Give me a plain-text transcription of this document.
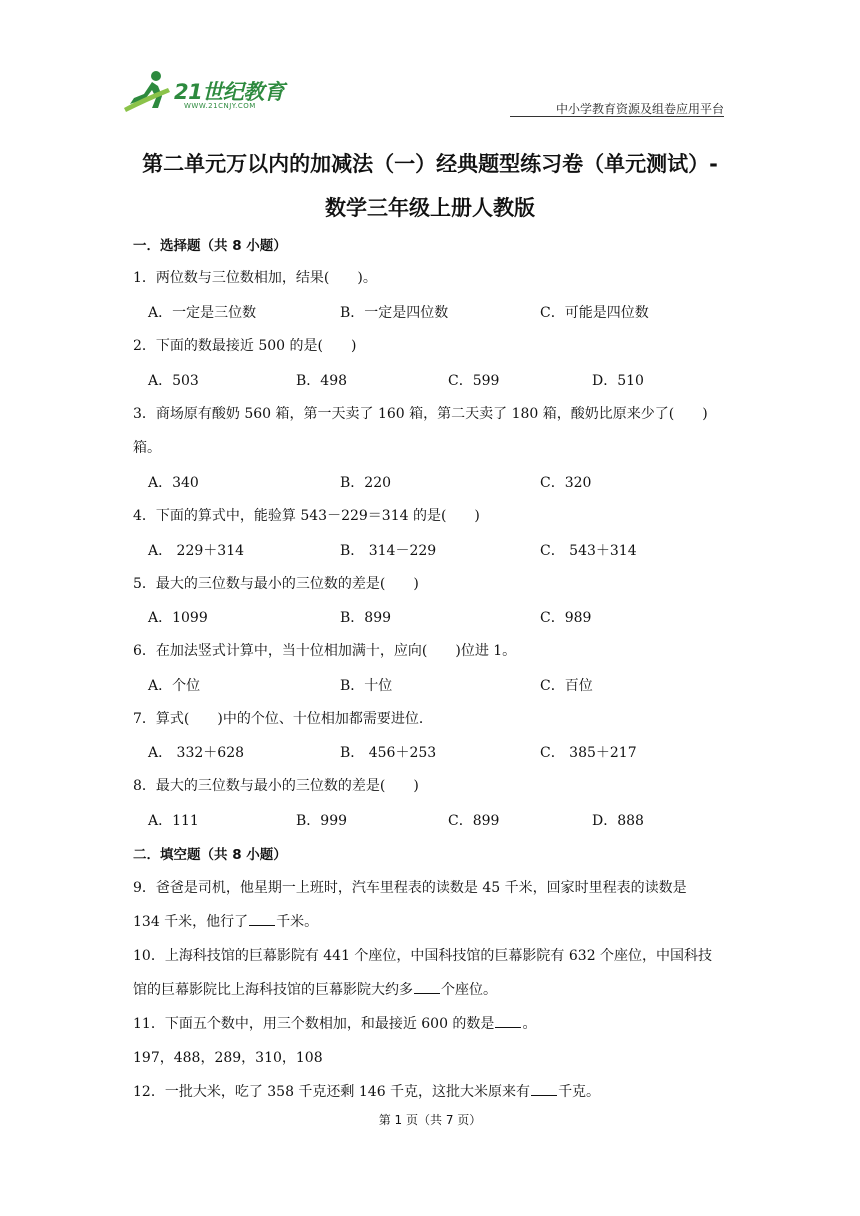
21世纪教育
WWW.21CNJY.COM	中小学教育资源及组卷应用平台
第二单元万以内的加减法（一）经典题型练习卷（单元测试）-
数学三年级上册人教版
一．选择题（共 8 小题）
1．两位数与三位数相加，结果(　　)。
A．一定是三位数	B．一定是四位数	C．可能是四位数
2．下面的数最接近 500 的是(　　)
A．503	B．498	C．599	D．510
3．商场原有酸奶 560 箱，第一天卖了 160 箱，第二天卖了 180 箱，酸奶比原来少了(　　)
箱。
A．340	B．220	C．320
4．下面的算式中，能验算 543－229＝314 的是(　　)
A． 229＋314	B． 314－229	C． 543＋314
5．最大的三位数与最小的三位数的差是(　　)
A．1099	B．899	C．989
6．在加法竖式计算中，当十位相加满十，应向(　　)位进 1。
A．个位	B．十位	C．百位
7．算式(　　)中的个位、十位相加都需要进位．
A． 332＋628	B． 456＋253	C． 385＋217
8．最大的三位数与最小的三位数的差是(　　)
A．111	B．999	C．899	D．888
二．填空题（共 8 小题）
9．爸爸是司机，他星期一上班时，汽车里程表的读数是 45 千米，回家时里程表的读数是
134 千米，他行了 千米。
10．上海科技馆的巨幕影院有 441 个座位，中国科技馆的巨幕影院有 632 个座位，中国科技
馆的巨幕影院比上海科技馆的巨幕影院大约多 个座位。
11．下面五个数中，用三个数相加，和最接近 600 的数是 。
197，488，289，310，108
12．一批大米，吃了 358 千克还剩 146 千克，这批大米原来有 千克。
第 1 页（共 7 页）
